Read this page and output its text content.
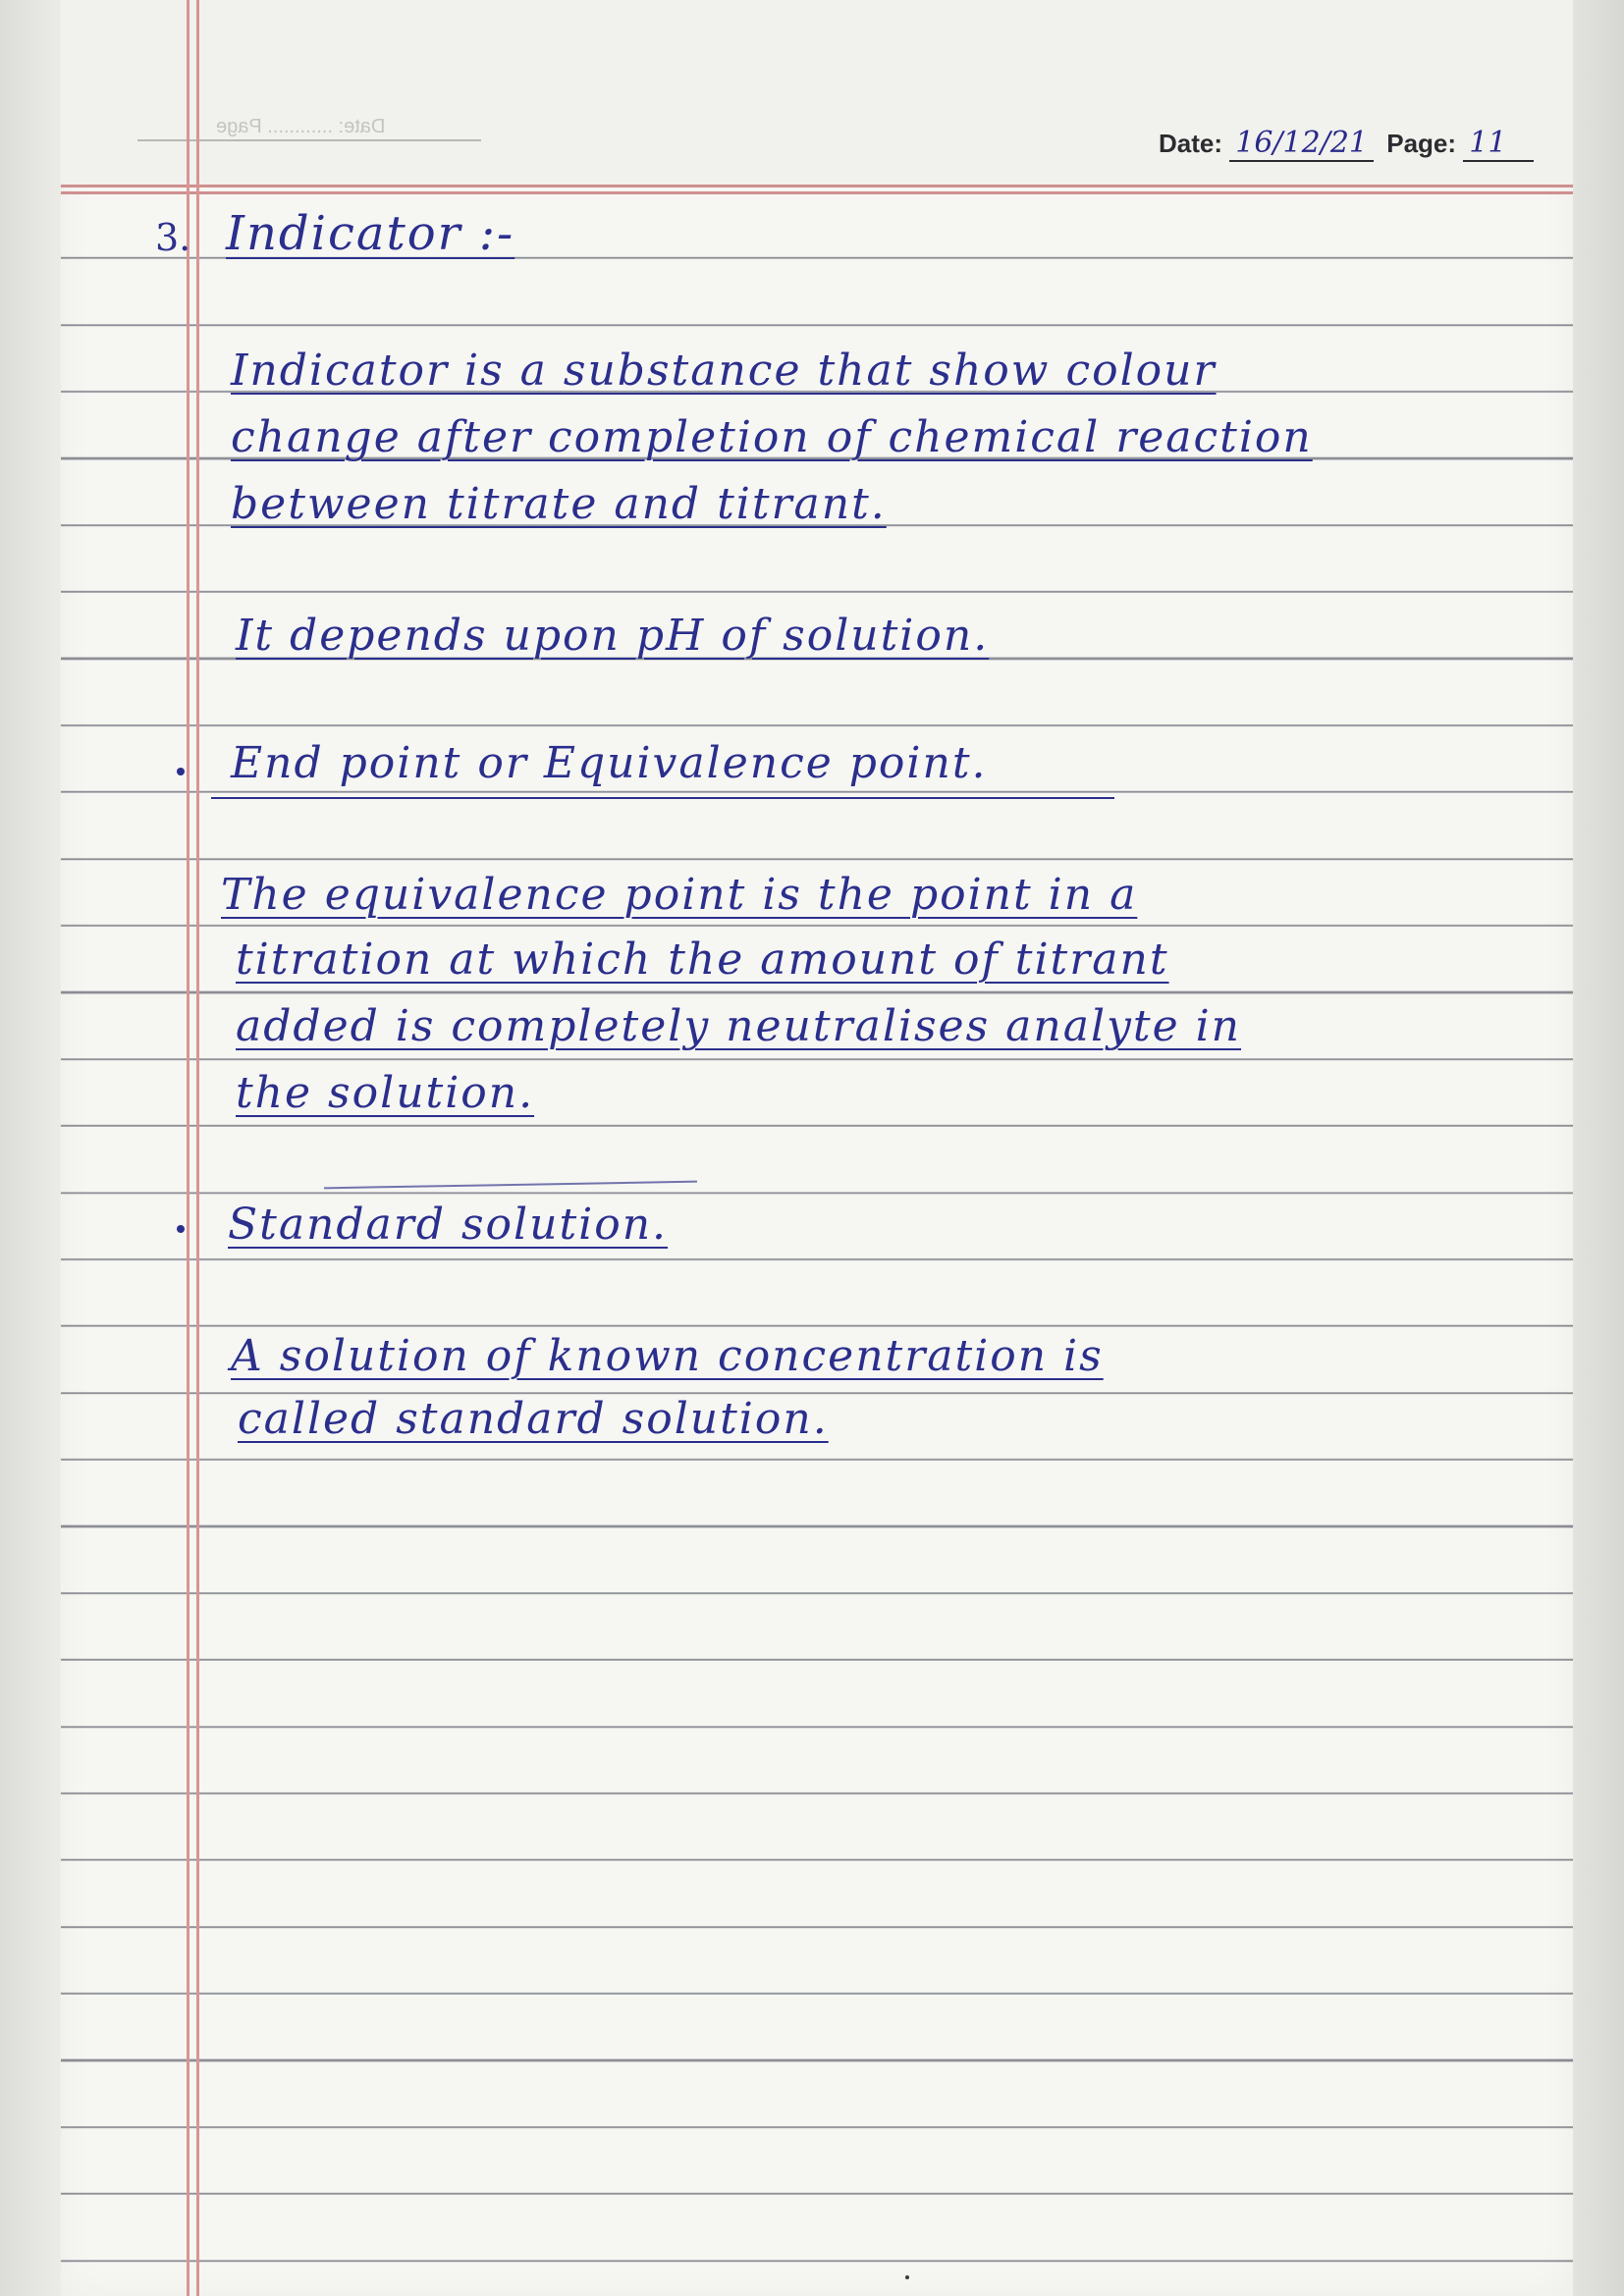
Date: ............ Page
Date: 16/12/21 Page: 11
3. Indicator :-
Indicator is a substance that show colour
change after completion of chemical reaction
between titrate and titrant.
It depends upon pH of solution.
End point or Equivalence point.
The equivalence point is the point in a
titration at which the amount of titrant
added is completely neutralises analyte in
the solution.
Standard solution.
A solution of known concentration is
called standard solution.
